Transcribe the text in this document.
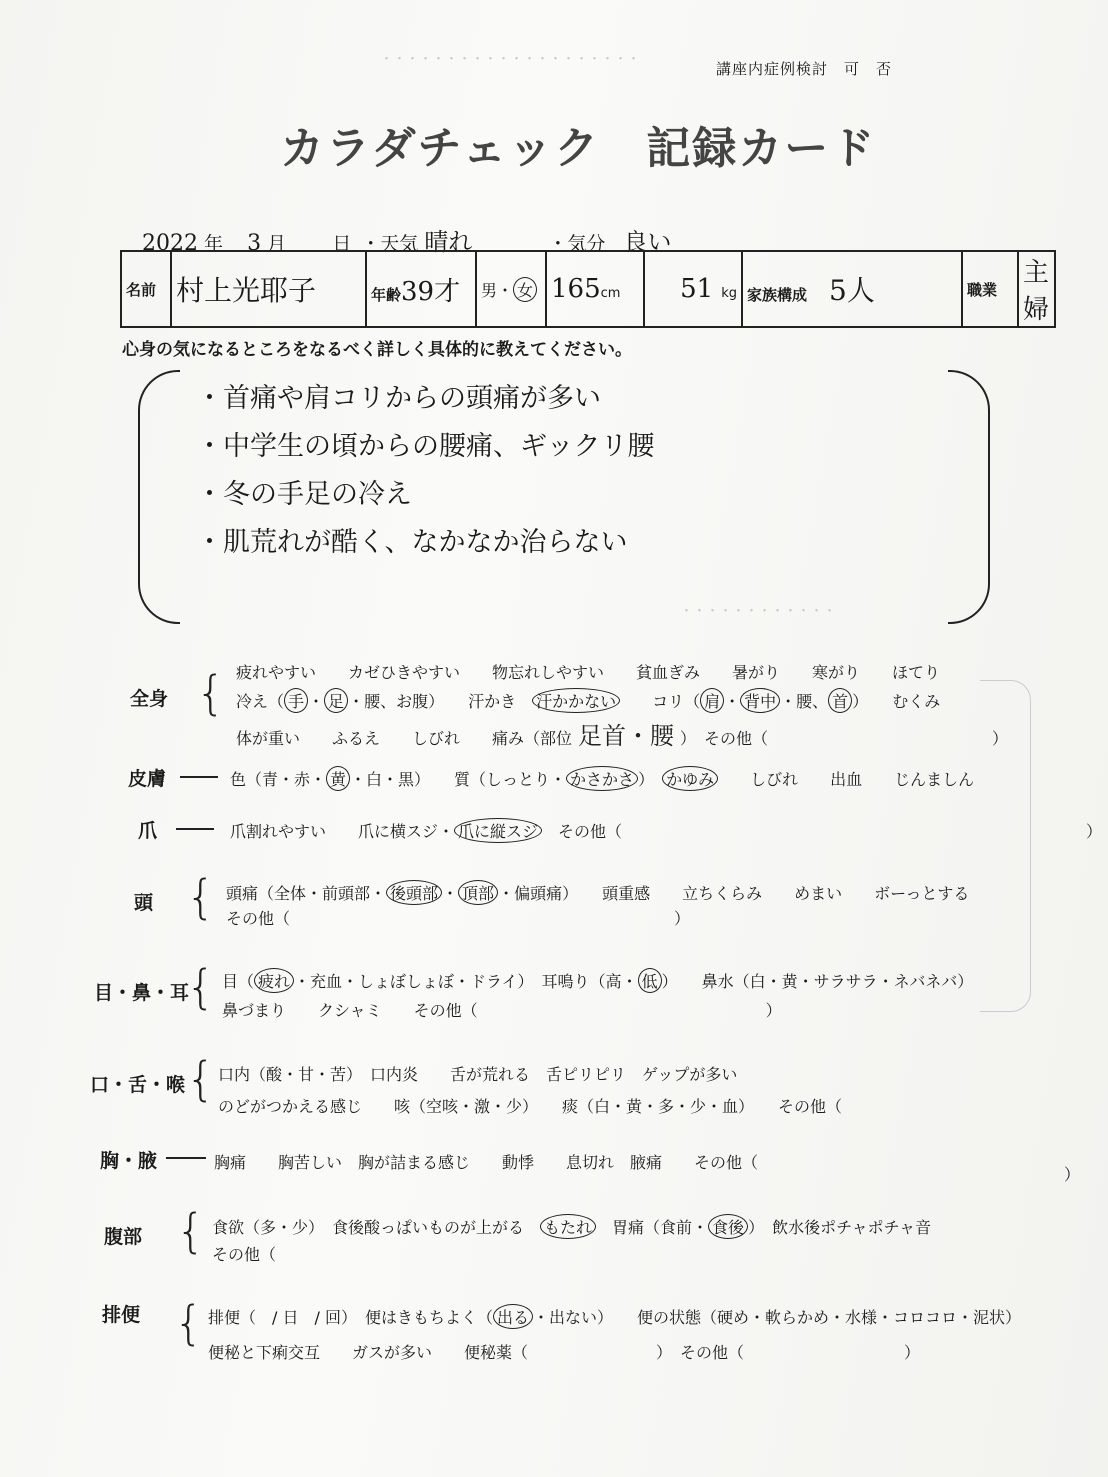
・・・・・・・・・・・・・・・・・・・・
・・・・・・・・・・・・
講座内症例検討　可　否
カラダチェック　記録カード
2022 年 3 月 日 ・天気 晴れ	・気分 良い
名前	村上光耶子	年齢39才	男・ 女	165cm	51 kg	家族構成 5人	職業	主婦
心身の気になるところをなるべく詳しく具体的に教えてください。
・首痛や肩コリからの頭痛が多い
・中学生の頃からの腰痛、ギックリ腰
・冬の手足の冷え
・肌荒れが酷く、なかなか治らない
全身 { 疲れやすい　　カゼひきやすい　　物忘れしやすい　　貧血ぎみ　　暑がり　　寒がり　　ほてり
冷え（ 手 ・ 足 ・腰、お腹）　　汗かき　汗かかない　　コリ（ 肩 ・ 背中 ・腰、 首 ）　　むくみ
体が重い　　ふるえ　　しびれ　　痛み（部位 足首・腰 ）　その他（　　　　　　　　　　　　　　）
皮膚	色（青・赤・ 黄 ・白・黒）　　質（しっとり・ かさかさ ）　かゆみ　　しびれ　　出血　　じんましん
爪	爪割れやすい　　爪に横スジ・ 爪に縦スジ　その他（　　　　　　　　　　　　　　　　　　　　　　　　　　　　　）
頭 { 頭痛（全体・前頭部・ 後頭部 ・ 頂部 ・偏頭痛）　　頭重感　　立ちくらみ　　めまい　　ボーっとする
その他（　　　　　　　　　　　　　　　　　　　　　　　　）
目・鼻・耳
{ 目（ 疲れ ・充血・しょぼしょぼ・ドライ）　耳鳴り（高・ 低 ）　　鼻水（白・黄・サラサラ・ネバネバ）
鼻づまり　　クシャミ　　その他（　　　　　　　　　　　　　　　　　　）
口・舌・喉 { 口内（酸・甘・苦）　口内炎　　舌が荒れる　舌ピリピリ　ゲップが多い
のどがつかえる感じ　　咳（空咳・激・少）　　痰（白・黄・多・少・血）　　その他（
胸・腋	胸痛　　胸苦しい　胸が詰まる感じ　　動悸　　息切れ　腋痛　　その他（
）
腹部 { 食欲（多・少）　食後酸っぱいものが上がる　もたれ　胃痛（食前・ 食後 ）　飲水後ポチャポチャ音
その他（
排便 { 排便（　/ 日　/ 回）　便はきもちよく（ 出る ・出ない）　　便の状態（硬め・軟らかめ・水様・コロコロ・泥状）
便秘と下痢交互　　ガスが多い　　便秘薬（　　　　　　　　）　その他（　　　　　　　　　　）
